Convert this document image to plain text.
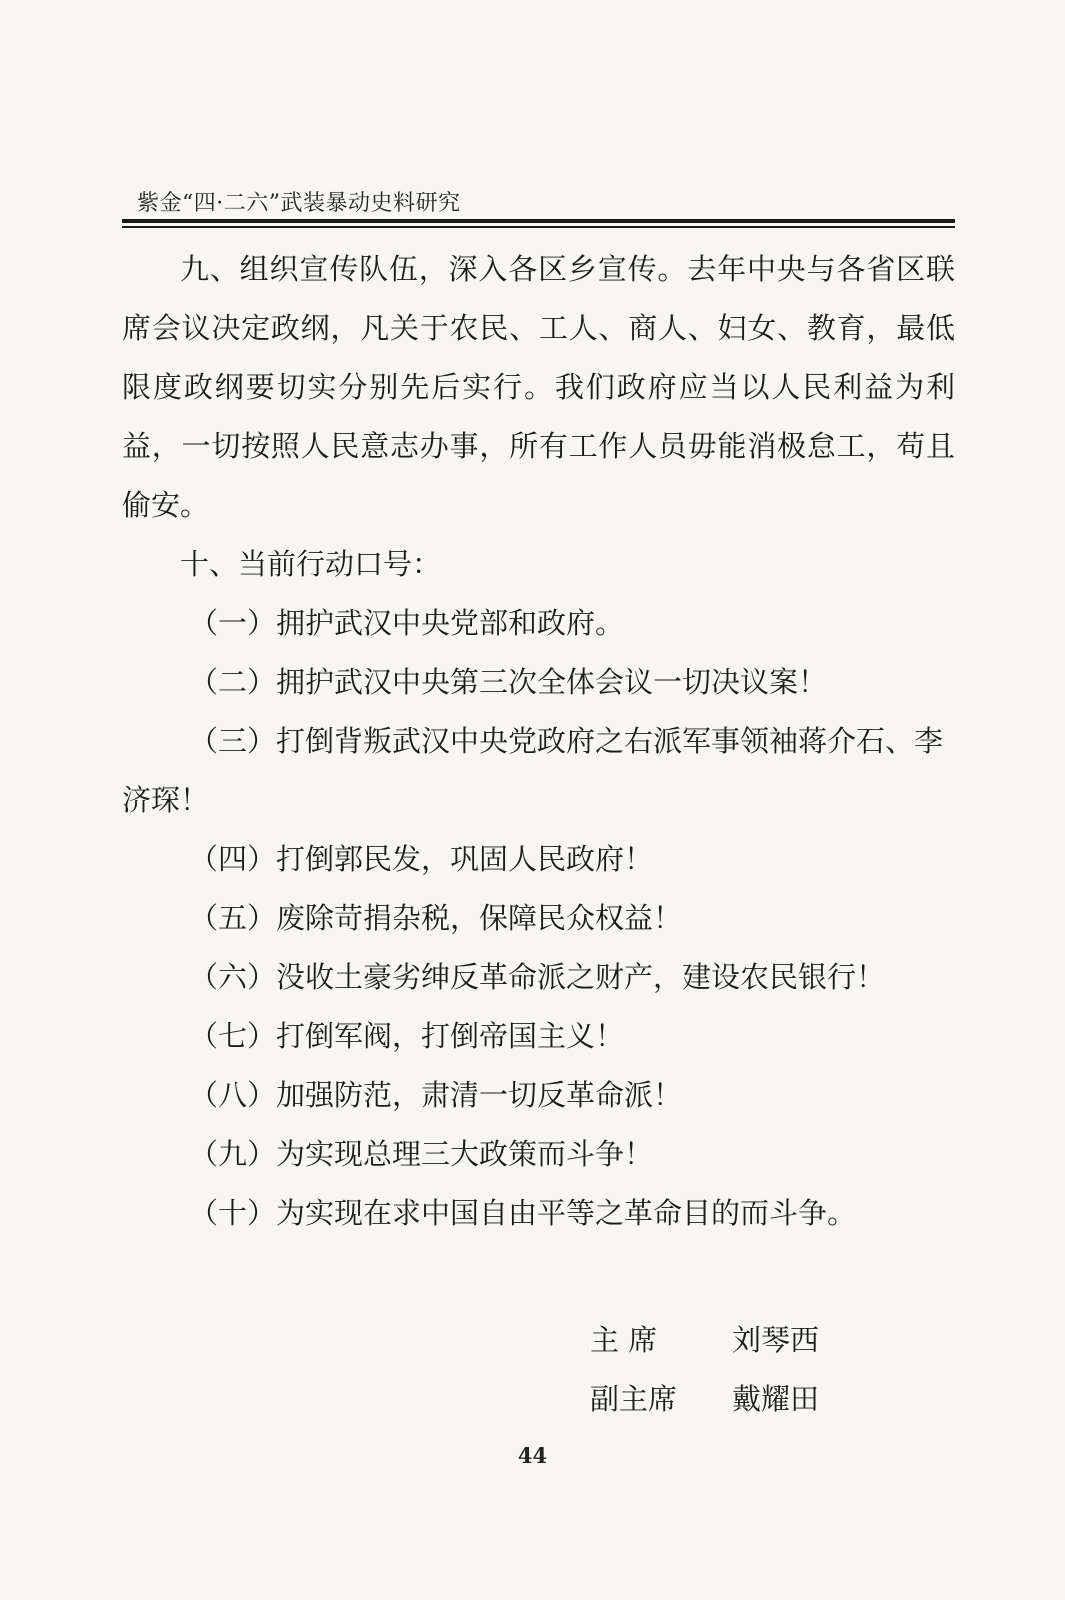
紫金“四·二六”武装暴动史料研究

九、组织宣传队伍，深入各区乡宣传。去年中央与各省区联席会议决定政纲，凡关于农民、工人、商人、妇女、教育，最低限度政纲要切实分别先后实行。我们政府应当以人民利益为利益，一切按照人民意志办事，所有工作人员毋能消极怠工，苟且偷安。

十、当前行动口号：

（一）拥护武汉中央党部和政府。

（二）拥护武汉中央第三次全体会议一切决议案！

（三）打倒背叛武汉中央党政府之右派军事领袖蒋介石、李济琛！

（四）打倒郭民发，巩固人民政府！

（五）废除苛捐杂税，保障民众权益！

（六）没收土豪劣绅反革命派之财产，建设农民银行！

（七）打倒军阀，打倒帝国主义！

（八）加强防范，肃清一切反革命派！

（九）为实现总理三大政策而斗争！

（十）为实现在求中国自由平等之革命目的而斗争。

主 席	刘琴西
副主席 戴耀田
44
